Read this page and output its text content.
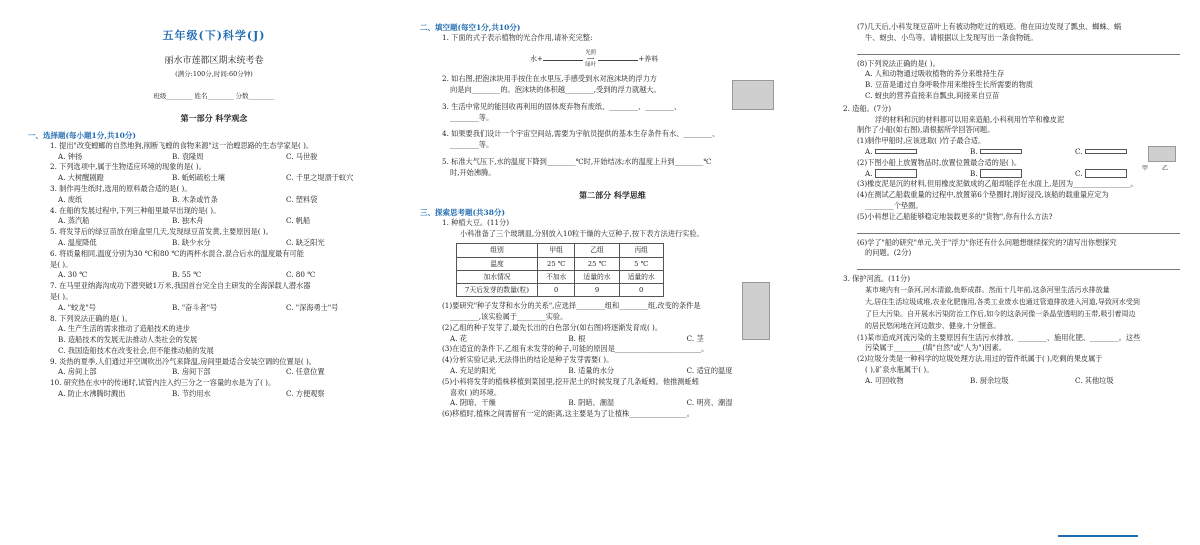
五年级(下)科学(J)
丽水市莲都区期末统考卷
(满分:100分,时间:60分钟)
班级________ 姓名________ 分数________
第一部分 科学观念
一、选择题(每小题1分,共10分)
1. 提出"改变螳螂的自然地狗,削断飞螳的食物来源"这一治蝗思路的生态学家是( )。
A. 钟扬	B. 袁隆周	C. 马世骏
2. 下列选项中,属于生物适应环境的现象的是( )。
A. 大树醒剧蹬	B. 蚯蚓疏松土壤	C. 千里之堤溃于蚁穴
3. 制作再生纸时,选用的原料最合适的是( )。
A. 废纸	B. 木条或竹条	C. 塑料袋
4. 在船的发展过程中,下列三种船里最早出现的是( )。
A. 蒸汽船	B. 独木舟	C. 帆船
5. 将发芽后的绿豆苗放在暗盒里几天,发现绿豆苗发黄,主要原因是( )。
A. 温度降低	B. 缺少水分	C. 缺乏阳光
6. 将质量相同,温度分别为30 ℃和80 ℃的两杯水混合,混合后水的温度最有可能
是( )。
A. 30 ℃	B. 55 ℃	C. 80 ℃
7. 在马里亚纳海沟成功下潜突破1万米,我国首台完全自主研发的全海深载人潜水器
是( )。
A. "蛟龙"号	B. "奋斗者"号	C. "深海勇士"号
8. 下列说法正确的是( )。
A. 生产生活的需求推动了造船技术的进步
B. 造船技术的发展无法推动人类社会的发展
C. 我国造船技术在改变社会,但不能推动船的发展
9. 炎热的夏季,人们通过开空调吹出冷气来降温,房间里最适合安装空调的位置是( )。
A. 房间上部	B. 房间下部	C. 任意位置
10. 研究热在水中的传递时,试管内注入约三分之一容量的水是为了( )。
A. 防止水沸腾时溅出	B. 节约用水	C. 方便观察
二、填空题(每空1分,共10分)
1. 下面的式子表示植物的光合作用,请补充完整:
水+ 光照
⟶
绿叶 +养料
2. 如右图,把泡沫块用手按住在水里压,手感受到水对泡沫块的浮力方
向是向________的。泡沫块的体积越________,受到的浮力就越大。
3. 生活中常见的能回收再利用的固体废弃物有废纸、________、________、
________等。
4. 如果要我们设计一个宇宙空间站,需要为宇航员提供的基本生存条件有水、________、
________等。
5. 标准大气压下,水的温度下降到________℃时,开始结冰;水的温度上升到________℃
时,开始沸腾。
第二部分 科学思维
三、探索思考题(共38分)
1. 种植大豆。(11分)
小科准备了三个玻璃皿,分别放入10粒干燥的大豆种子,按下表方法进行实验。
组别	甲组	乙组	丙组
温度	25 ℃	25 ℃	5 ℃
加水情况	不加水	适量的水	适量的水
7天后发芽的数量(粒)	0	9	0
(1)要研究"种子发芽和水分的关系",应选择________组和________组,改变的条件是
________,该实验属于________实验。
(2)乙组的种子发芽了,最先长出的白色部分(如右图)将逐渐发育成( )。
A. 花	B. 根	C. 茎
(3)在适宜的条件下,乙组有未发芽的种子,可能的原因是________________________。
(4)分析实验记录,无法得出的结论是种子发芽需要( )。
A. 充足的阳光	B. 适量的水分	C. 适宜的温度
(5)小科将发芽的植株移植到菜园里,挖开泥土的时候发现了几条蚯蚓。他推测蚯蚓
喜欢( )的环境。
A. 阴暗、干燥	B. 阴暗、潮湿	C. 明亮、潮湿
(6)移植时,植株之间需留有一定的距离,这主要是为了让植株________________。
(7)几天后,小科发现豆苗叶上有被动物吃过的痕迹。他在田边发现了瓢虫、蜘蛛、蜗
牛、蚜虫、小鸟等。请根据以上发现写出一条食物链。
(8)下列说法正确的是( )。
A. 人和动物通过吸收植物的养分来维持生存
B. 豆苗是通过自身呼吸作用来维持生长所需要的物质
C. 蚜虫的营养直接来自瓢虫,间接来自豆苗
2. 造船。(7分)
浮的材料和沉的材料都可以用来造船,小科利用竹竿和橡皮泥
制作了小船(如右图),请根据所学回答问题。
(1)制作甲船时,应该选取( )竹子最合适。
A.	B.	C.
(2)下图小船上放置物品时,放置位置最合适的是( )。
A.	B.	C.
(3)橡皮泥是沉的材料,但用橡皮泥做成的乙船却能浮在水面上,是因为________________。
(4)在测试乙船载重量的过程中,放置第6个垫圈时,刚好浸没,该船的载重量应定为
________个垫圈。
(5)小科想让乙船能够稳定地装载更多的"货物",你有什么方法?
(6)学了"船的研究"单元,关于"浮力"你还有什么问题想继续探究的?请写出你想探究
的问题。(2分)
3. 保护河流。(11分)
某市境内有一条河,河水清澈,鱼虾成群。然而十几年前,这条河里生活污水排放量
大,居住生活垃圾成堆,农业化肥施用,各类工业废水也通过管道排放进入河道,导致河水受到
了巨大污染。自开展水污染防治工作后,如今的这条河像一条晶莹透明的玉带,吸引着周边
的居民悠闲地在河边散步、健身,十分惬意。
(1)某市造成河流污染的主要原因有生活污水排放、________、施用化肥、________。这些
污染属于________(填"自然"或"人为")因素。
(2)垃圾分类是一种科学的垃圾处理方法,用过的管件纸属于( ),吃剩的果皮属于
( ),矿泉水瓶属于( )。
A. 可回收物	B. 厨余垃圾	C. 其他垃圾
甲 乙
